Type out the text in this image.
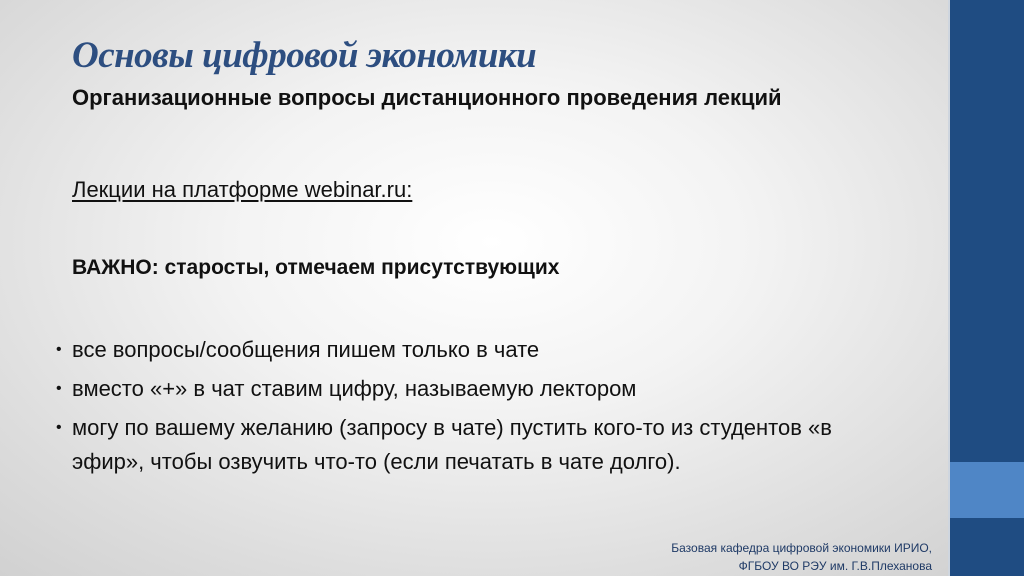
Основы цифровой экономики
Организационные вопросы дистанционного проведения лекций
Лекции на платформе webinar.ru:
ВАЖНО: старосты, отмечаем присутствующих
• все вопросы/сообщения пишем только в чате
• вместо «+» в чат ставим цифру, называемую лектором
• могу по вашему желанию (запросу в чате) пустить кого-то из студентов «в эфир», чтобы озвучить что-то (если печатать в чате долго).
Базовая кафедра цифровой экономики ИРИО,
ФГБОУ ВО РЭУ им. Г.В.Плеханова
